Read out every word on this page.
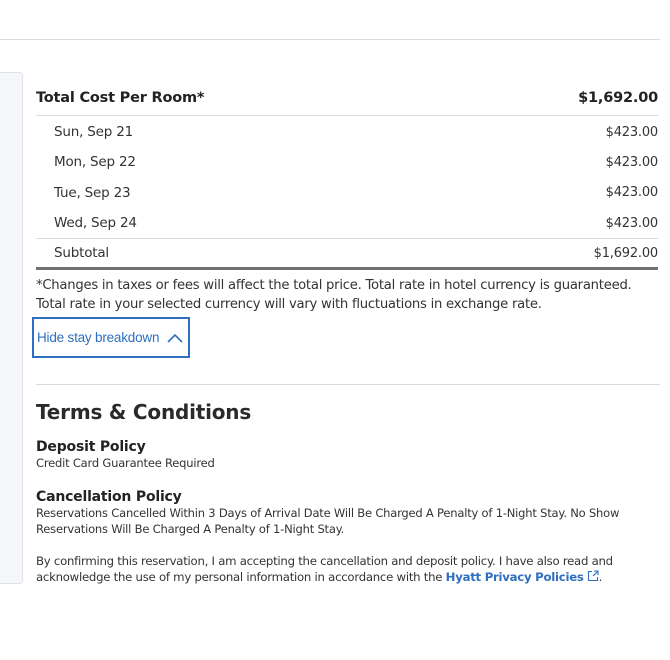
Total Cost Per Room*	$1,692.00
Sun, Sep 21	$423.00
Mon, Sep 22	$423.00
Tue, Sep 23	$423.00
Wed, Sep 24	$423.00
Subtotal	$1,692.00

*Changes in taxes or fees will affect the total price. Total rate in hotel currency is guaranteed. Total rate in your selected currency will vary with fluctuations in exchange rate.

Hide stay breakdown
Terms & Conditions
Deposit Policy
Credit Card Guarantee Required
Cancellation Policy
Reservations Cancelled Within 3 Days of Arrival Date Will Be Charged A Penalty of 1-Night Stay. No Show Reservations Will Be Charged A Penalty of 1-Night Stay.

By confirming this reservation, I am accepting the cancellation and deposit policy. I have also read and acknowledge the use of my personal information in accordance with the Hyatt Privacy Policies .
